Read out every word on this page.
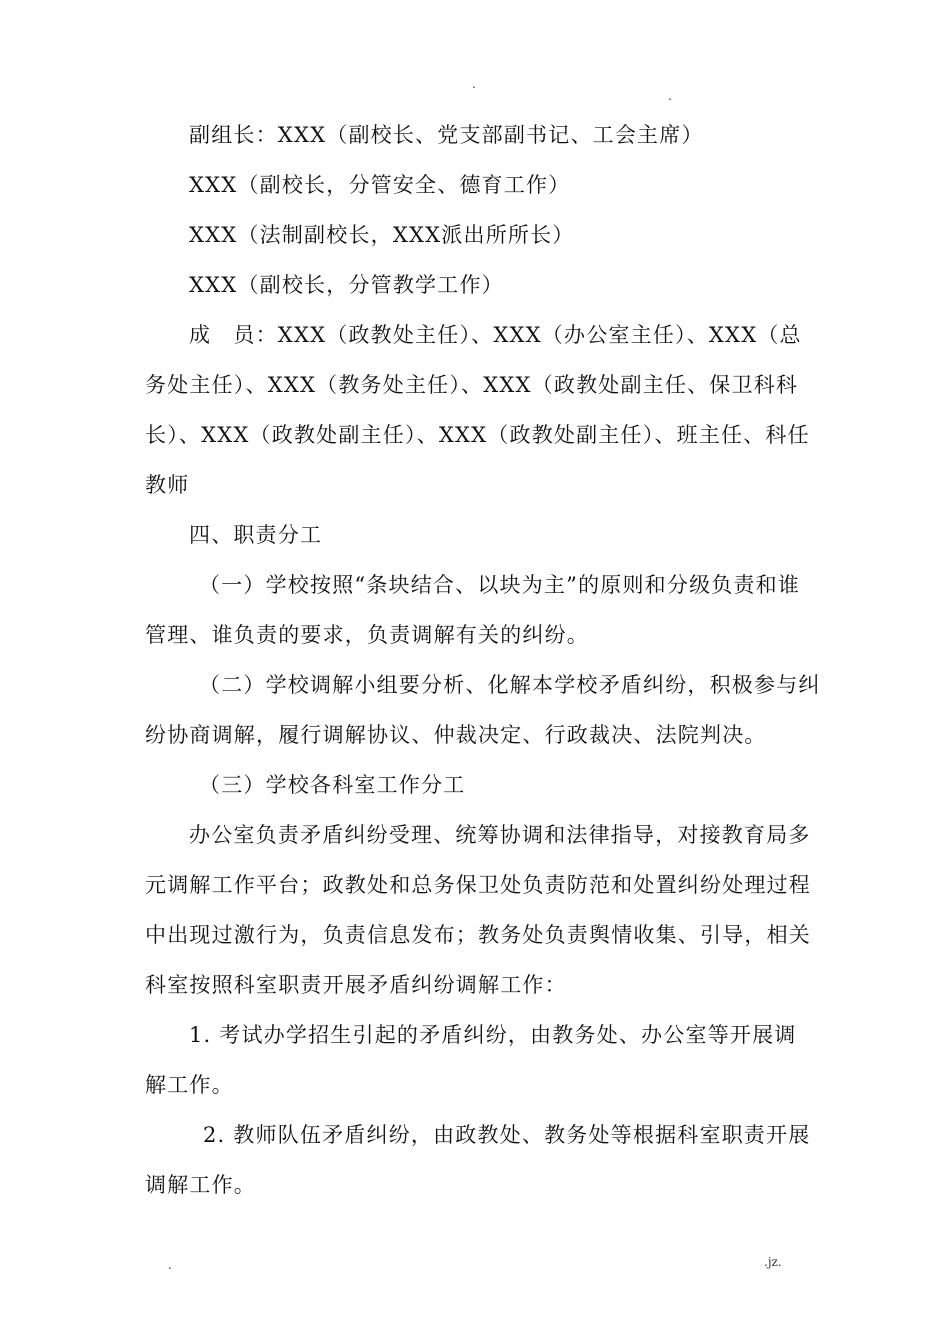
.
.
副组长：XXX（副校长、党支部副书记、工会主席）
XXX（副校长，分管安全、德育工作）
XXX（法制副校长，XXX派出所所长）
XXX（副校长，分管教学工作）
成　员：XXX（政教处主任）、XXX（办公室主任）、XXX（总
务处主任）、XXX（教务处主任）、XXX（政教处副主任、保卫科科
长）、XXX（政教处副主任）、XXX（政教处副主任）、班主任、科任
教师
四、职责分工
（一）学校按照“条块结合、以块为主”的原则和分级负责和谁
管理、谁负责的要求，负责调解有关的纠纷。
（二）学校调解小组要分析、化解本学校矛盾纠纷，积极参与纠
纷协商调解，履行调解协议、仲裁决定、行政裁决、法院判决。
（三）学校各科室工作分工
办公室负责矛盾纠纷受理、统筹协调和法律指导，对接教育局多
元调解工作平台；政教处和总务保卫处负责防范和处置纠纷处理过程
中出现过激行为，负责信息发布；教务处负责舆情收集、引导，相关
科室按照科室职责开展矛盾纠纷调解工作：
1. 考试办学招生引起的矛盾纠纷，由教务处、办公室等开展调
解工作。
2. 教师队伍矛盾纠纷，由政教处、教务处等根据科室职责开展
调解工作。
.	.jz.
